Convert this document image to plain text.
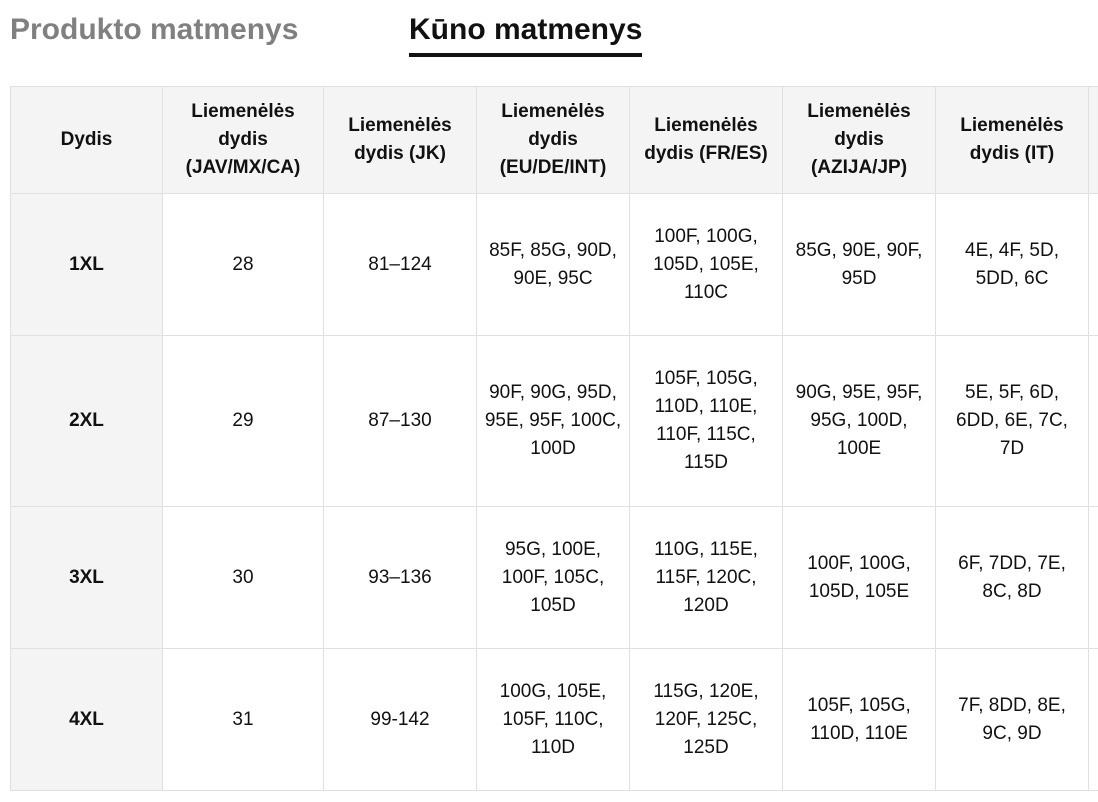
Produkto matmenys	Kūno matmenys
Dydis	Liemenėlės dydis (JAV/MX/CA)	Liemenėlės dydis (JK)	Liemenėlės dydis (EU/DE/INT)	Liemenėlės dydis (FR/ES)	Liemenėlės dydis (AZIJA/JP)	Liemenėlės dydis (IT)	
1XL	28	81–124	85F, 85G, 90D, 90E, 95C	100F, 100G, 105D, 105E, 110C	85G, 90E, 90F, 95D	4E, 4F, 5D, 5DD, 6C	
2XL	29	87–130	90F, 90G, 95D, 95E, 95F, 100C, 100D	105F, 105G, 110D, 110E, 110F, 115C, 115D	90G, 95E, 95F, 95G, 100D, 100E	5E, 5F, 6D, 6DD, 6E, 7C, 7D	
3XL	30	93–136	95G, 100E, 100F, 105C, 105D	110G, 115E, 115F, 120C, 120D	100F, 100G, 105D, 105E	6F, 7DD, 7E, 8C, 8D	
4XL	31	99-142	100G, 105E, 105F, 110C, 110D	115G, 120E, 120F, 125C, 125D	105F, 105G, 110D, 110E	7F, 8DD, 8E, 9C, 9D	
